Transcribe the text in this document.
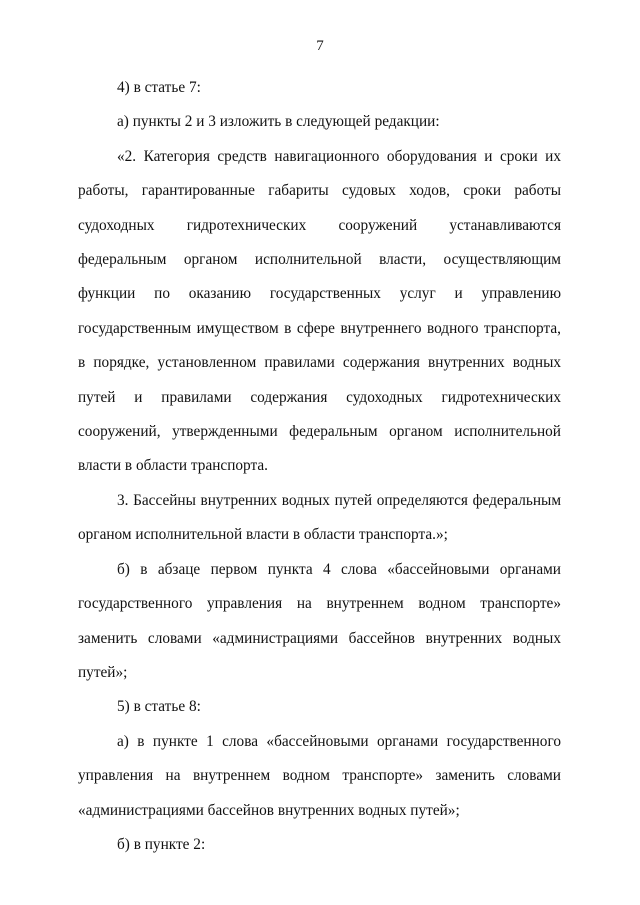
7

4) в статье 7:

а) пункты 2 и 3 изложить в следующей редакции:

«2. Категория средств навигационного оборудования и сроки их работы, гарантированные габариты судовых ходов, сроки работы судоходных гидротехнических сооружений устанавливаются федеральным органом исполнительной власти, осуществляющим функции по оказанию государственных услуг и управлению государственным имуществом в сфере внутреннего водного транспорта, в порядке, установленном правилами содержания внутренних водных путей и правилами содержания судоходных гидротехнических сооружений, утвержденными федеральным органом исполнительной власти в области транспорта.

3. Бассейны внутренних водных путей определяются федеральным органом исполнительной власти в области транспорта.»;

б) в абзаце первом пункта 4 слова «бассейновыми органами государственного управления на внутреннем водном транспорте» заменить словами «администрациями бассейнов внутренних водных путей»;

5) в статье 8:

а) в пункте 1 слова «бассейновыми органами государственного управления на внутреннем водном транспорте» заменить словами «администрациями бассейнов внутренних водных путей»;

б) в пункте 2:
